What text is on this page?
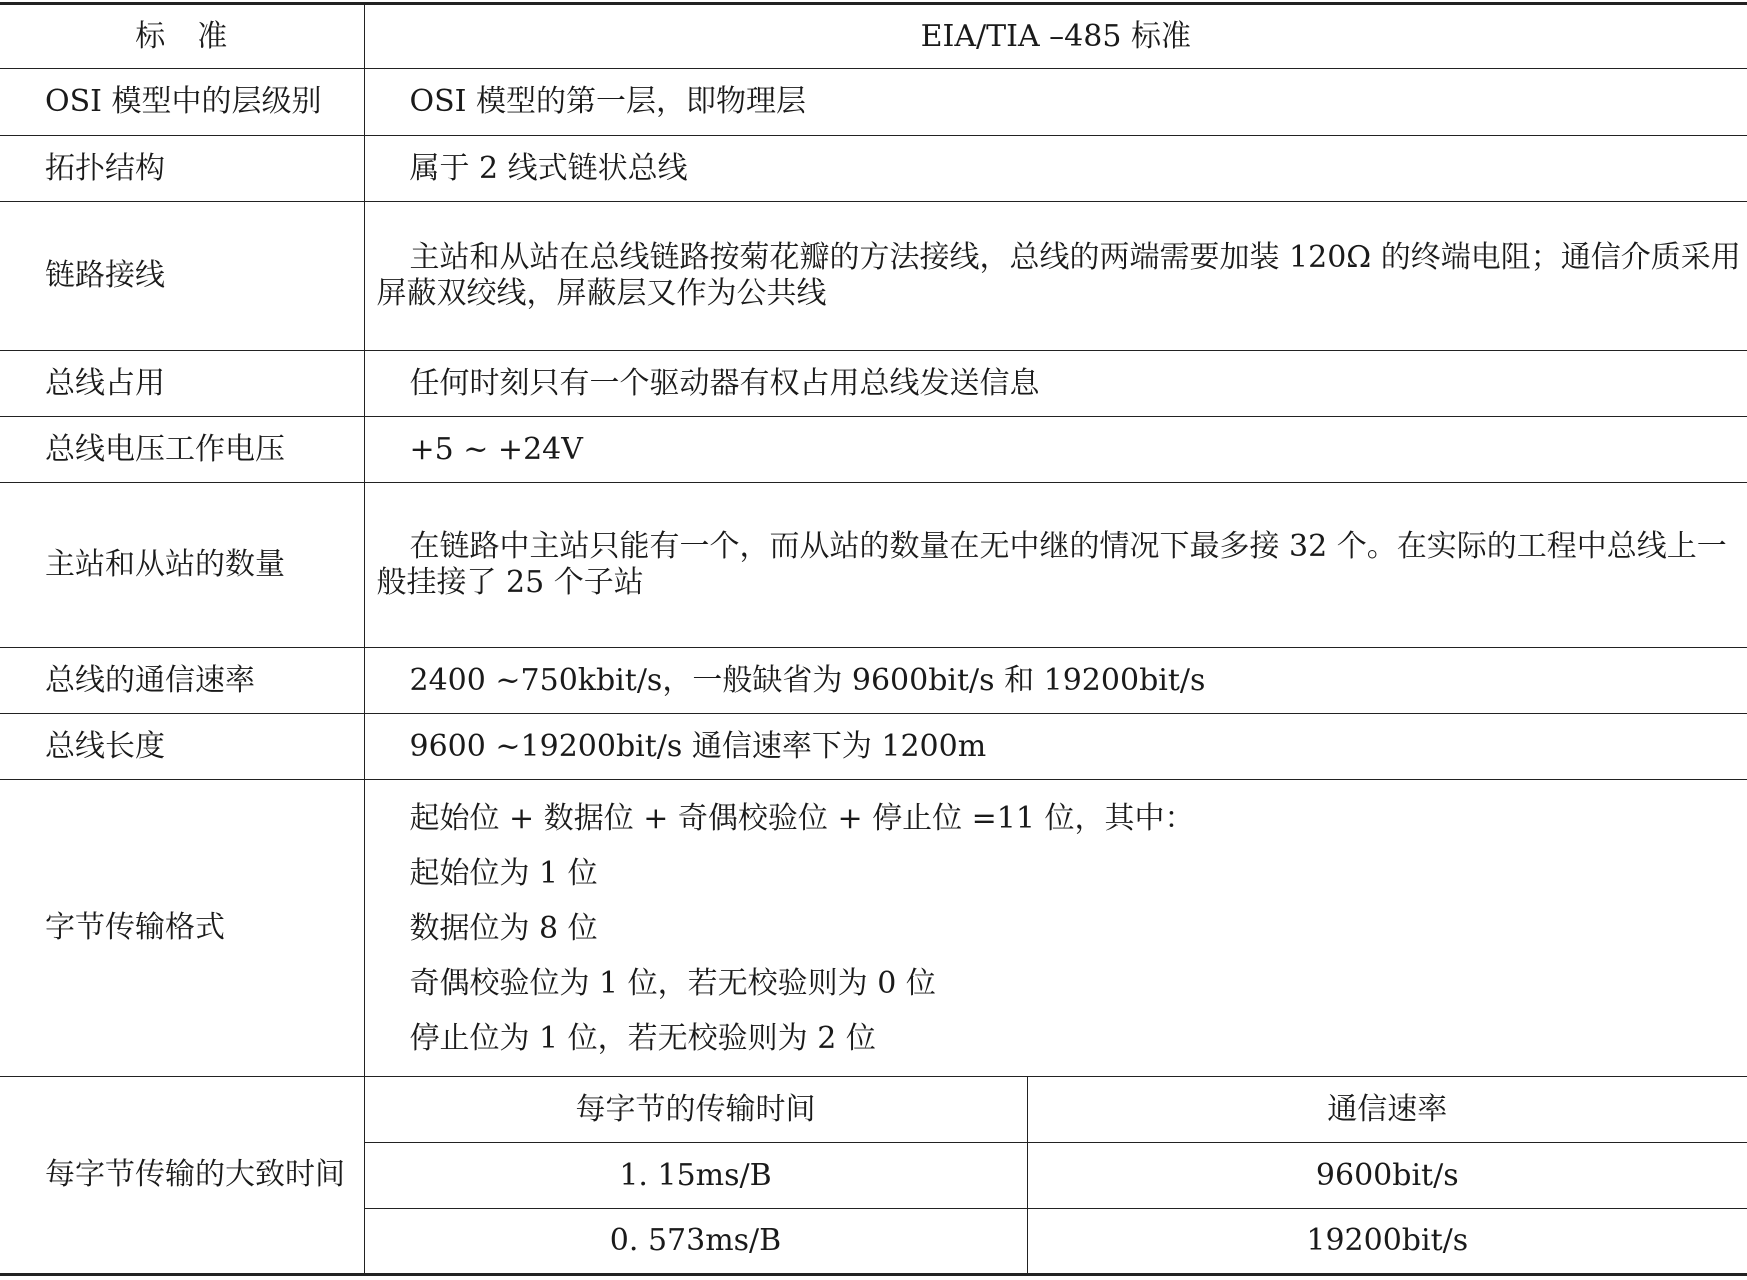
标　准	EIA/TIA –485 标准	
OSI 模型中的层级别	OSI 模型的第一层，即物理层	
拓扑结构	属于 2 线式链状总线	
链路接线	主站和从站在总线链路按菊花瓣的方法接线，总线的两端需要加装 120Ω 的终端电阻；通信介质采用屏蔽双绞线，屏蔽层又作为公共线	
总线占用	任何时刻只有一个驱动器有权占用总线发送信息	
总线电压工作电压	+5 ~ +24V	
主站和从站的数量	在链路中主站只能有一个，而从站的数量在无中继的情况下最多接 32 个。在实际的工程中总线上一般挂接了 25 个子站	
总线的通信速率	2400 ~750kbit/s，一般缺省为 9600bit/s 和 19200bit/s	
总线长度	9600 ~19200bit/s 通信速率下为 1200m	
字节传输格式	起始位 + 数据位 + 奇偶校验位 + 停止位 =11 位，其中：
起始位为 1 位
数据位为 8 位
奇偶校验位为 1 位，若无校验则为 0 位
停止位为 1 位，若无校验则为 2 位	

每字节传输的大致时间	每字节的传输时间	通信速率
	1. 15ms/B	9600bit/s
	0. 573ms/B	19200bit/s
